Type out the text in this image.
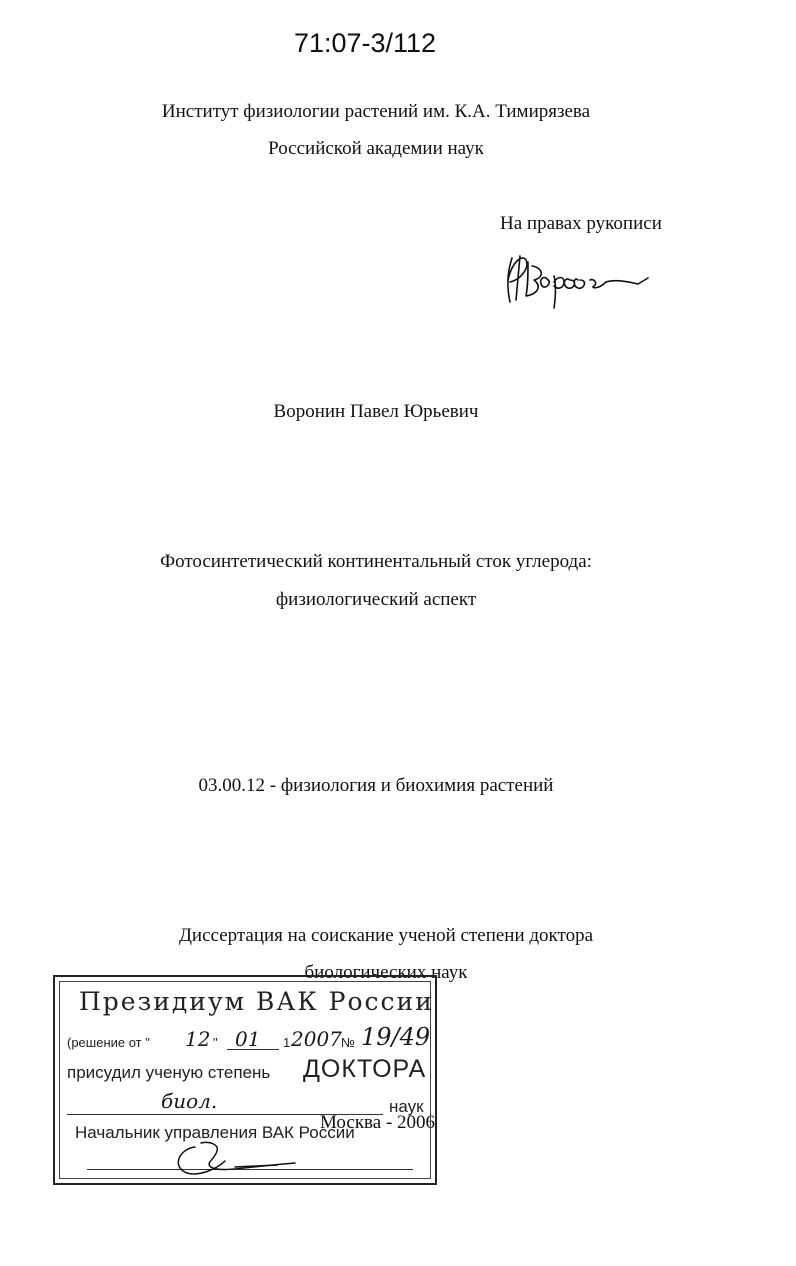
71:07-3/112
Институт физиологии растений им. К.А. Тимирязева
Российской академии наук
На правах рукописи
Воронин Павел Юрьевич
Фотосинтетический континентальный сток углерода:
физиологический аспект
03.00.12 - физиология и биохимия растений
Диссертация на соискание ученой степени доктора
биологических наук
Москва - 2006
Президиум ВАК России
(решение от " 12 " 01 1 2007 № 19/49
присудил ученую степень ДОКТОРА
биол.	наук
Начальник управления ВАК России
